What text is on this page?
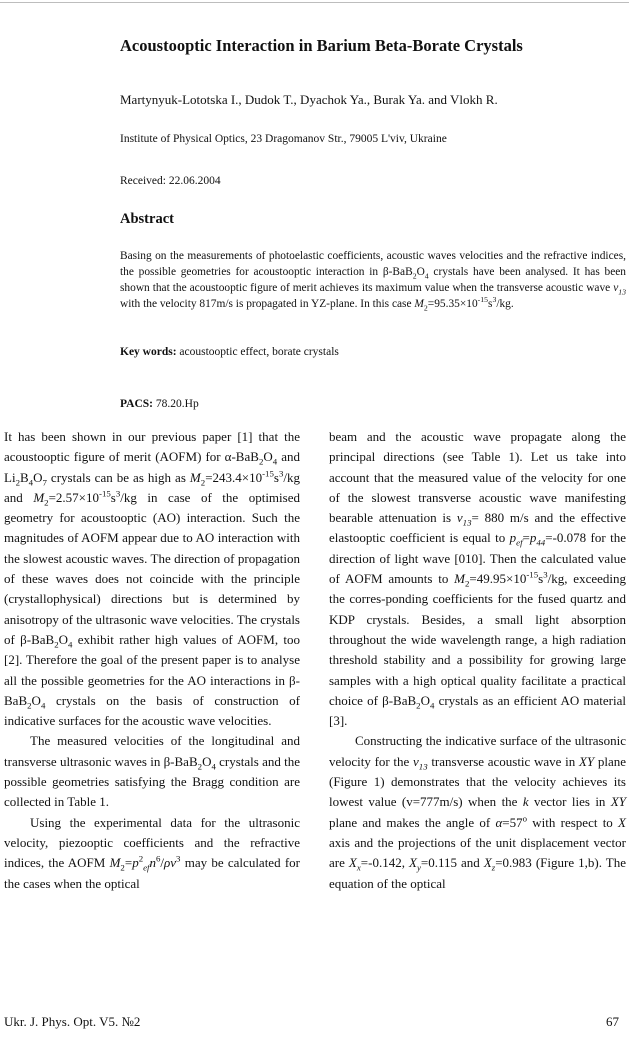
Acoustooptic Interaction in Barium Beta-Borate Crystals
Martynyuk-Lototska I., Dudok T., Dyachok Ya., Burak Ya. and Vlokh R.
Institute of Physical Optics, 23 Dragomanov Str., 79005 L'viv, Ukraine
Received: 22.06.2004
Abstract
Basing on the measurements of photoelastic coefficients, acoustic waves velocities and the refractive indices, the possible geometries for acoustooptic interaction in $\beta-BaB_2O_4$ crystals have been analysed. It has been shown that the acoustooptic figure of merit achieves its maximum value when the transverse acoustic wave $v_{13}$ with the velocity 817m/s is propagated in YZ-plane. In this case $M_2=95.35\times 10^{-15}s^3/kg$.
Key words: acoustooptic effect, borate crystals
PACS: 78.20.Hp

It has been shown in our previous paper [1] that the acoustooptic figure of merit (AOFM) for $\alpha-BaB_2O_4$ and $Li_2B_4O_7$ crystals can be as high as $M_2=243.4\times 10^{-15}s^3/kg$ and $M_2=2.57\times 10^{-15}s^3/kg$ in case of the optimised geometry for acoustooptic (AO) interaction. Such the magnitudes of AOFM appear due to AO interaction with the slowest acoustic waves. The direction of propagation of these waves does not coincide with the principle (crystallophysical) directions but is determined by anisotropy of the ultrasonic wave velocities. The crystals of $\beta-BaB_2O_4$ exhibit rather high values of AOFM, too [2]. Therefore the goal of the present paper is to analyse all the possible geometries for the AO interactions in $\beta-BaB_2O_4$ crystals on the basis of construction of indicative surfaces for the acoustic wave velocities.

The measured velocities of the longitudinal and transverse ultrasonic waves in $\beta-BaB_2O_4$ crystals and the possible geometries satisfying the Bragg condition are collected in Table 1.

Using the experimental data for the ultrasonic velocity, piezooptic coefficients and the refractive indices, the AOFM $M_2=p^2_{ef}n^6/\rho v^3$ may be calculated for the cases when the optical

beam and the acoustic wave propagate along the principal directions (see Table 1). Let us take into account that the measured value of the velocity for one of the slowest transverse acoustic wave manifesting bearable attenuation is $v_{13}= 880$ m/s and the effective elastooptic coefficient is equal to $p_{ef}=p_{44}=-0.078$ for the direction of light wave [010]. Then the calculated value of AOFM amounts to $M_2=49.95\times 10^{-15}s^3/kg$, exceeding the corres-ponding coefficients for the fused quartz and KDP crystals. Besides, a small light absorption throughout the wide wavelength range, a high radiation threshold stability and a possibility for growing large samples with a high optical quality facilitate a practical choice of $\beta-BaB_2O_4$ crystals as an efficient AO material [3].

Constructing the indicative surface of the ultrasonic velocity for the $v_{13}$ transverse acoustic wave in XY plane (Figure 1) demonstrates that the velocity achieves its lowest value (v=777m/s) when the k vector lies in XY plane and makes the angle of $\alpha=57^o$ with respect to X axis and the projections of the unit displacement vector are $X_x=-0.142$, $X_y=0.115$ and $X_z=0.983$ (Figure 1,b). The equation of the optical

Ukr. J. Phys. Opt. V5. №2	67
